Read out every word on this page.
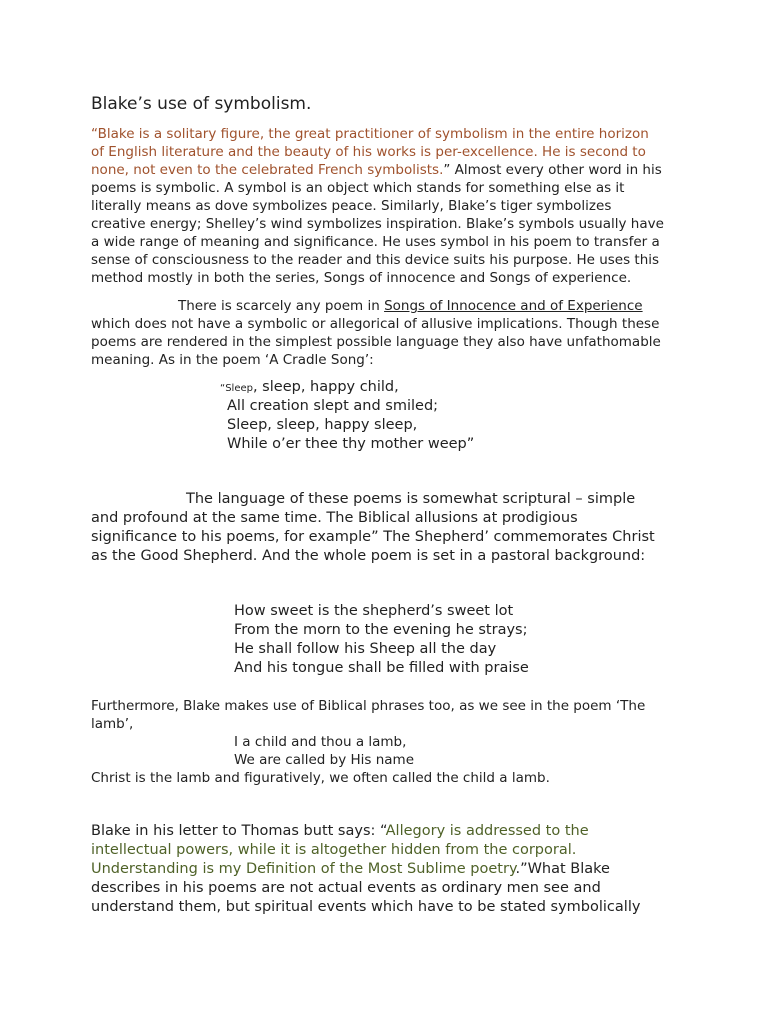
Blake’s use of symbolism.
“Blake is a solitary figure, the great practitioner of symbolism in the entire horizon
of English literature and the beauty of his works is per-excellence. He is second to
none, not even to the celebrated French symbolists.” Almost every other word in his
poems is symbolic. A symbol is an object which stands for something else as it
literally means as dove symbolizes peace. Similarly, Blake’s tiger symbolizes
creative energy; Shelley’s wind symbolizes inspiration. Blake’s symbols usually have
a wide range of meaning and significance. He uses symbol in his poem to transfer a
sense of consciousness to the reader and this device suits his purpose. He uses this
method mostly in both the series, Songs of innocence and Songs of experience.
There is scarcely any poem in Songs of Innocence and of Experience
which does not have a symbolic or allegorical of allusive implications. Though these
poems are rendered in the simplest possible language they also have unfathomable
meaning. As in the poem ‘A Cradle Song’:
“Sleep, sleep, happy child,
All creation slept and smiled;
Sleep, sleep, happy sleep,
While o’er thee thy mother weep”
The language of these poems is somewhat scriptural – simple
and profound at the same time. The Biblical allusions at prodigious
significance to his poems, for example” The Shepherd’ commemorates Christ
as the Good Shepherd. And the whole poem is set in a pastoral background:
How sweet is the shepherd’s sweet lot
From the morn to the evening he strays;
He shall follow his Sheep all the day
And his tongue shall be filled with praise
Furthermore, Blake makes use of Biblical phrases too, as we see in the poem ‘The
lamb’,
I a child and thou a lamb,
We are called by His name
Christ is the lamb and figuratively, we often called the child a lamb.
Blake in his letter to Thomas butt says: “Allegory is addressed to the
intellectual powers, while it is altogether hidden from the corporal.
Understanding is my Definition of the Most Sublime poetry.”What Blake
describes in his poems are not actual events as ordinary men see and
understand them, but spiritual events which have to be stated symbolically
